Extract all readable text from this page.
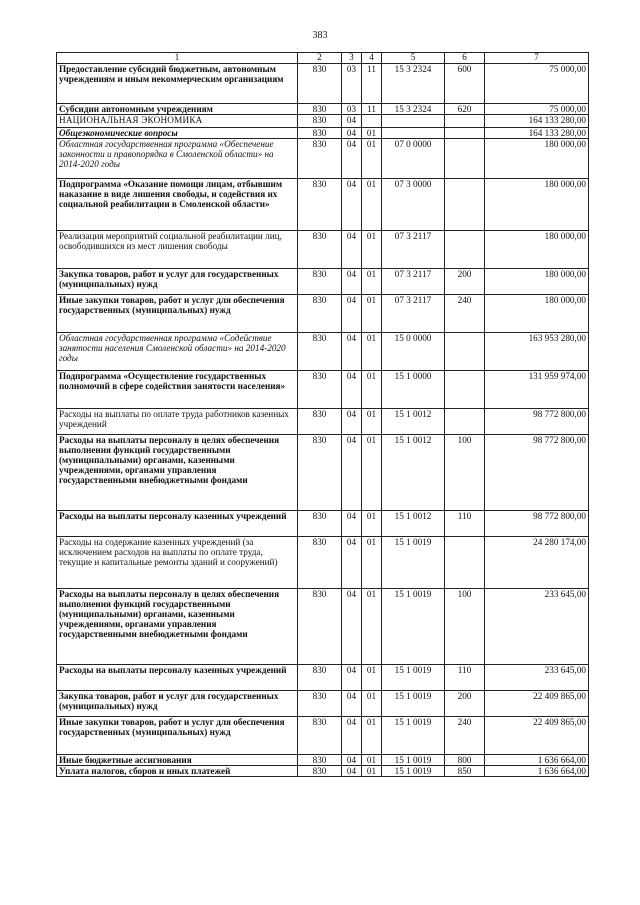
383
1	2	3	4	5	6	7
Предоставление субсидий бюджетным, автономным учреждениям и иным некоммерческим организациям	830	03	11	15 3 2324	600	75 000,00
Субсидии автономным учреждениям	830	03	11	15 3 2324	620	75 000,00
НАЦИОНАЛЬНАЯ ЭКОНОМИКА	830	04				164 133 280,00
Общеэкономические вопросы	830	04	01			164 133 280,00
Областная государственная программа «Обеспечение законности и правопорядка в Смоленской области» на 2014-2020 годы	830	04	01	07 0 0000		180 000,00
Подпрограмма «Оказание помощи лицам, отбывшим наказание в виде лишения свободы, и содействия их социальной реабилитации в Смоленской области»	830	04	01	07 3 0000		180 000,00
Реализация мероприятий социальной реабилитации лиц, освободившихся из мест лишения свободы	830	04	01	07 3 2117		180 000,00
Закупка товаров, работ и услуг для государственных (муниципальных) нужд	830	04	01	07 3 2117	200	180 000,00
Иные закупки товаров, работ и услуг для обеспечения государственных (муниципальных) нужд	830	04	01	07 3 2117	240	180 000,00
Областная государственная программа «Содействие занятости населения Смоленской области» на 2014-2020 годы	830	04	01	15 0 0000		163 953 280,00
Подпрограмма «Осуществление государственных полномочий в сфере содействия занятости населения»	830	04	01	15 1 0000		131 959 974,00
Расходы на выплаты по оплате труда работников казенных учреждений	830	04	01	15 1 0012		98 772 800,00
Расходы на выплаты персоналу в целях обеспечения выполнения функций государственными (муниципальными) органами, казенными учреждениями, органами управления государственными внебюджетными фондами	830	04	01	15 1 0012	100	98 772 800,00
Расходы на выплаты персоналу казенных учреждений	830	04	01	15 1 0012	110	98 772 800,00
Расходы на содержание казенных учреждений (за исключением расходов на выплаты по оплате труда, текущие и капитальные ремонты зданий и сооружений)	830	04	01	15 1 0019		24 280 174,00
Расходы на выплаты персоналу в целях обеспечения выполнения функций государственными (муниципальными) органами, казенными учреждениями, органами управления государственными внебюджетными фондами	830	04	01	15 1 0019	100	233 645,00
Расходы на выплаты персоналу казенных учреждений	830	04	01	15 1 0019	110	233 645,00
Закупка товаров, работ и услуг для государственных (муниципальных) нужд	830	04	01	15 1 0019	200	22 409 865,00
Иные закупки товаров, работ и услуг для обеспечения государственных (муниципальных) нужд	830	04	01	15 1 0019	240	22 409 865,00
Иные бюджетные ассигнования	830	04	01	15 1 0019	800	1 636 664,00
Уплата налогов, сборов и иных платежей	830	04	01	15 1 0019	850	1 636 664,00
